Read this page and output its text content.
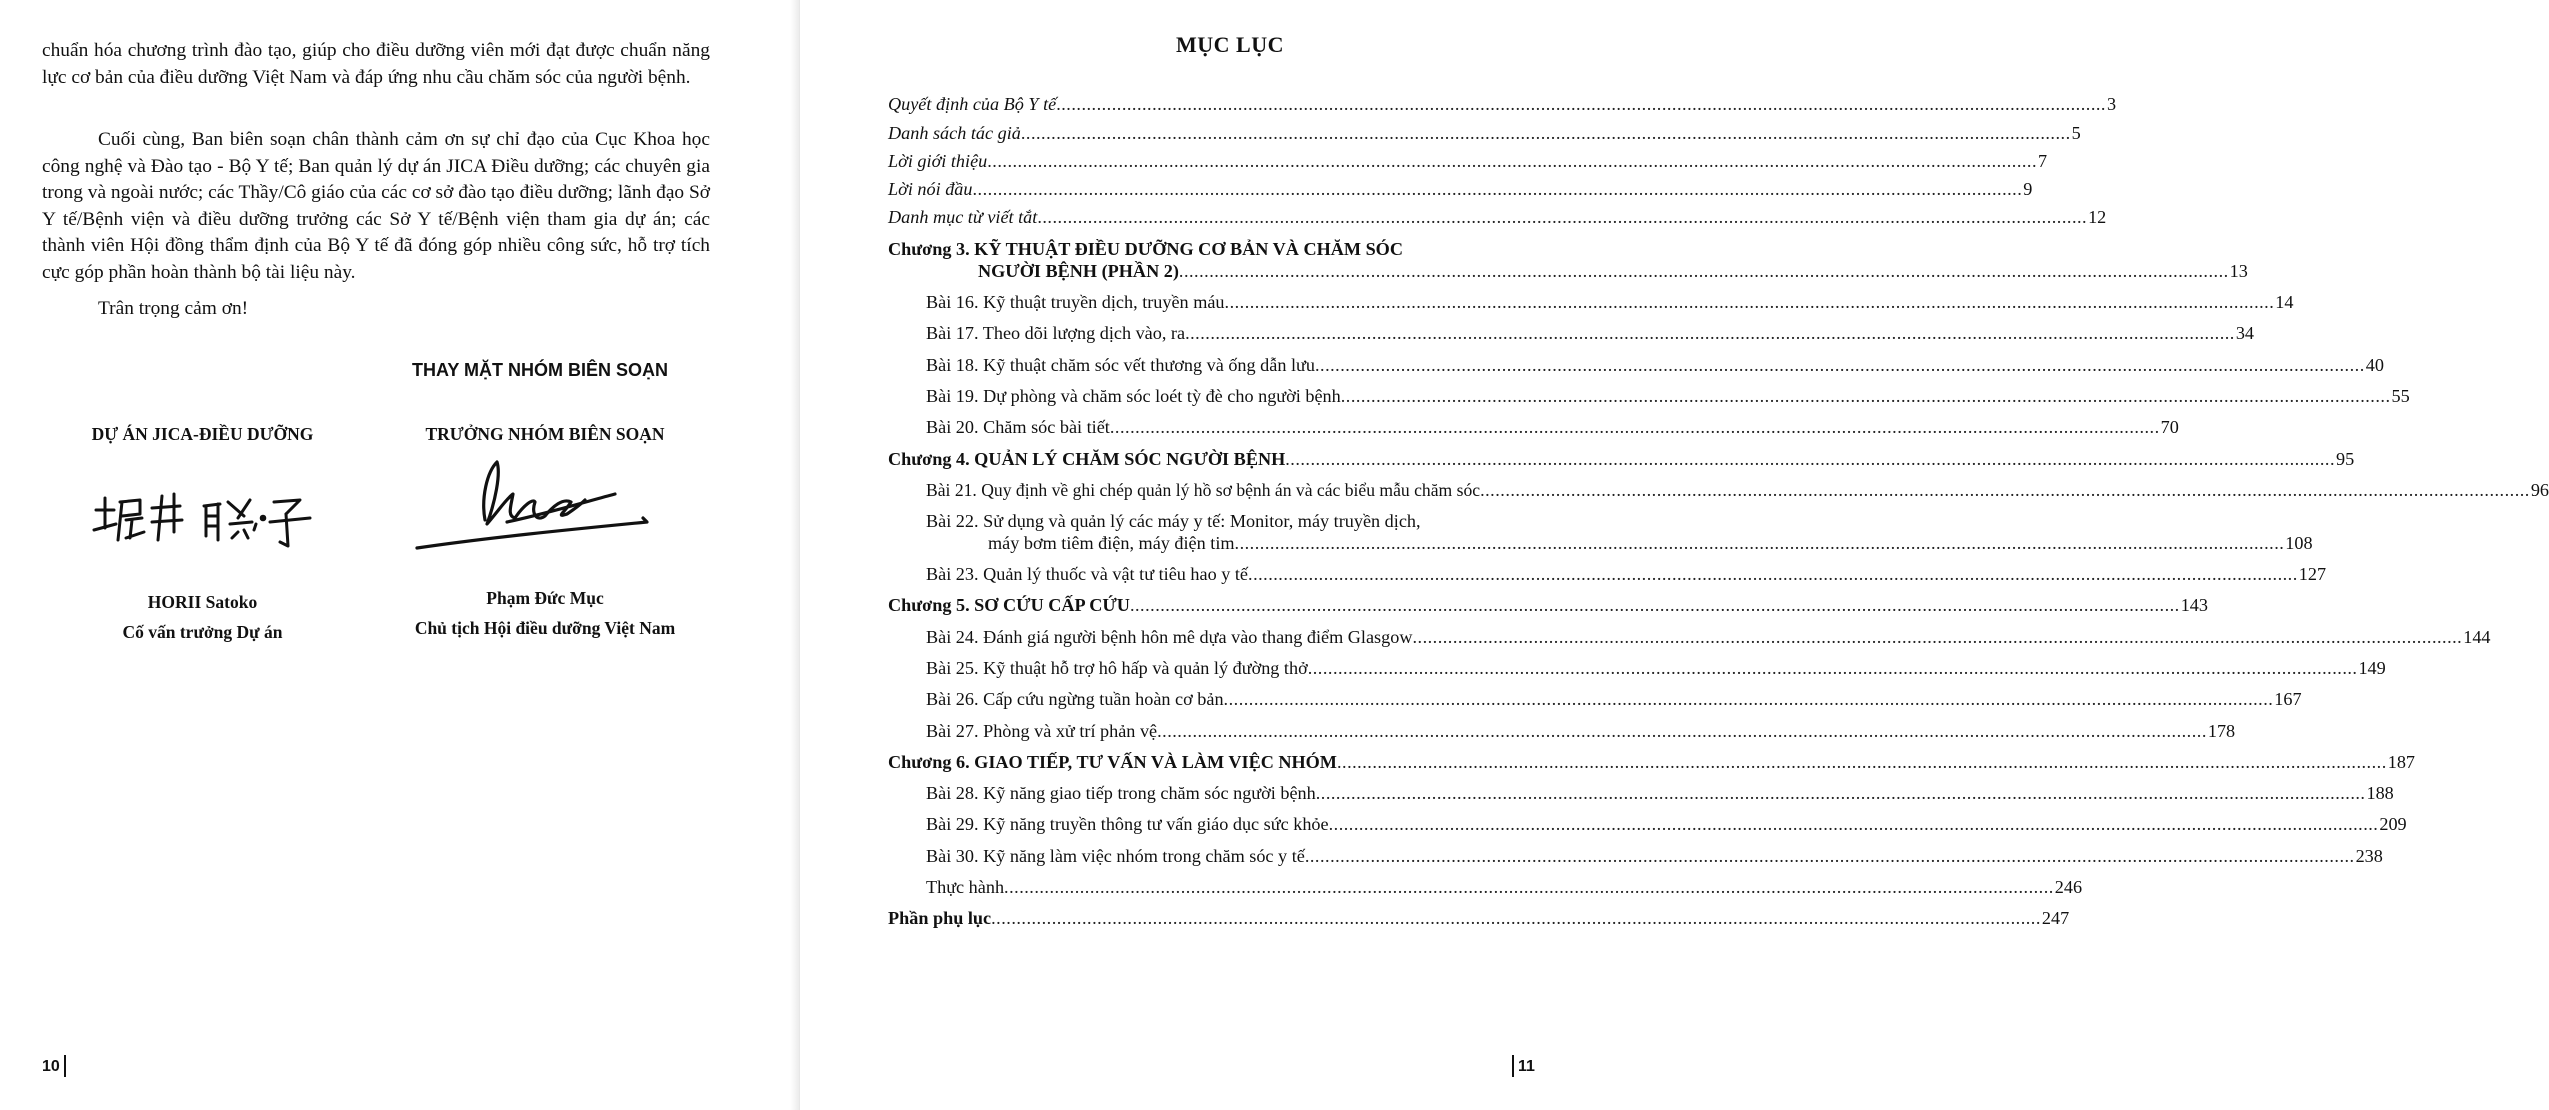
chuẩn hóa chương trình đào tạo, giúp cho điều dưỡng viên mới đạt được chuẩn năng lực cơ bản của điều dưỡng Việt Nam và đáp ứng nhu cầu chăm sóc của người bệnh.

Cuối cùng, Ban biên soạn chân thành cảm ơn sự chỉ đạo của Cục Khoa học công nghệ và Đào tạo - Bộ Y tế; Ban quản lý dự án JICA Điều dưỡng; các chuyên gia trong và ngoài nước; các Thầy/Cô giáo của các cơ sở đào tạo điều dưỡng; lãnh đạo Sở Y tế/Bệnh viện và điều dưỡng trưởng các Sở Y tế/Bệnh viện tham gia dự án; các thành viên Hội đồng thẩm định của Bộ Y tế đã đóng góp nhiều công sức, hỗ trợ tích cực góp phần hoàn thành bộ tài liệu này.

Trân trọng cảm ơn!

THAY MẶT NHÓM BIÊN SOẠN
DỰ ÁN JICA-ĐIỀU DƯỠNG	TRƯỞNG NHÓM BIÊN SOẠN
HORII Satoko
Cố vấn trưởng Dự án
Phạm Đức Mục
Chủ tịch Hội điều dưỡng Việt Nam
10
MỤC LỤC
Quyết định của Bộ Y tế .....	3
Danh sách tác giả .....	5
Lời giới thiệu .....	7
Lời nói đầu .....	9
Danh mục từ viết tắt .....	12
Chương 3. KỸ THUẬT ĐIỀU DƯỠNG CƠ BẢN VÀ CHĂM SÓC
NGƯỜI BỆNH (PHẦN 2) .....	13
Bài 16. Kỹ thuật truyền dịch, truyền máu .....	14
Bài 17. Theo dõi lượng dịch vào, ra .....	34
Bài 18. Kỹ thuật chăm sóc vết thương và ống dẫn lưu .....	40
Bài 19. Dự phòng và chăm sóc loét tỳ đè cho người bệnh .....	55
Bài 20. Chăm sóc bài tiết .....	70
Chương 4. QUẢN LÝ CHĂM SÓC NGƯỜI BỆNH .....	95
Bài 21. Quy định về ghi chép quản lý hồ sơ bệnh án và các biểu mẫu chăm sóc .....	96
Bài 22. Sử dụng và quản lý các máy y tế: Monitor, máy truyền dịch,
máy bơm tiêm điện, máy điện tim .....	108
Bài 23. Quản lý thuốc và vật tư tiêu hao y tế .....	127
Chương 5. SƠ CỨU CẤP CỨU .....	143
Bài 24. Đánh giá người bệnh hôn mê dựa vào thang điểm Glasgow .....	144
Bài 25. Kỹ thuật hỗ trợ hô hấp và quản lý đường thở .....	149
Bài 26. Cấp cứu ngừng tuần hoàn cơ bản .....	167
Bài 27. Phòng và xử trí phản vệ .....	178
Chương 6. GIAO TIẾP, TƯ VẤN VÀ LÀM VIỆC NHÓM .....	187
Bài 28. Kỹ năng giao tiếp trong chăm sóc người bệnh .....	188
Bài 29. Kỹ năng truyền thông tư vấn giáo dục sức khỏe .....	209
Bài 30. Kỹ năng làm việc nhóm trong chăm sóc y tế .....	238
Thực hành .....	246
Phần phụ lục .....	247
11
